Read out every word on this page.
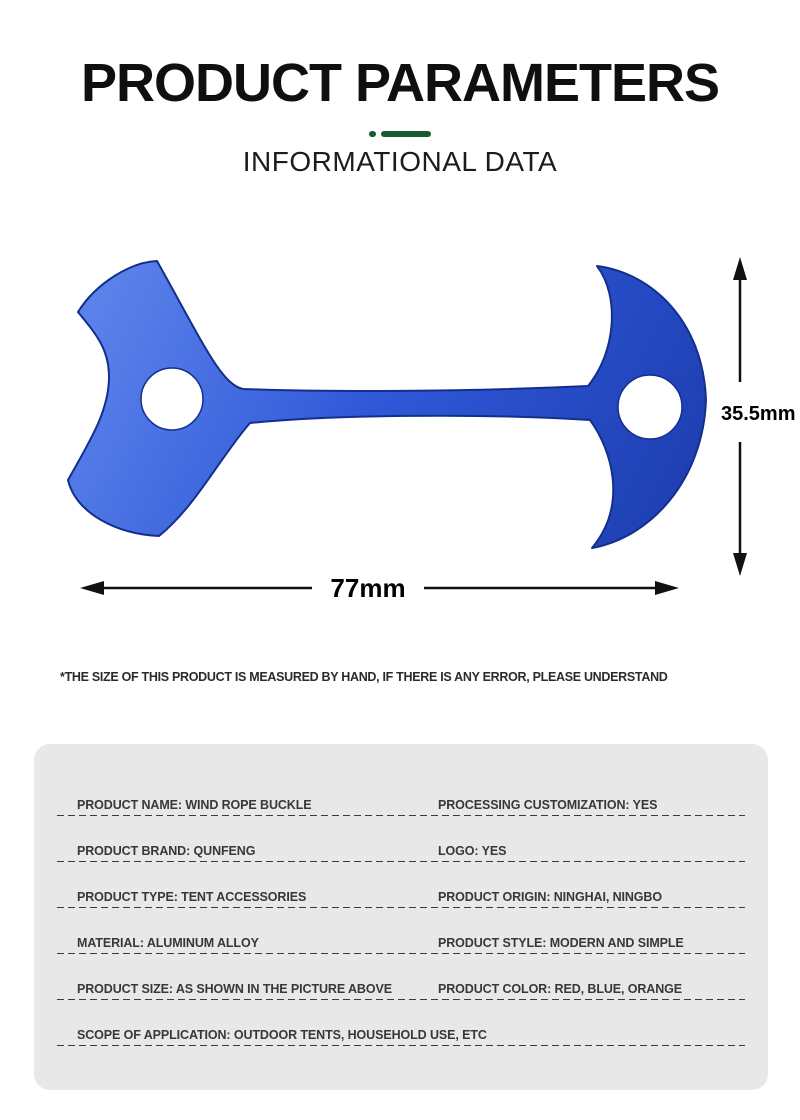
PRODUCT PARAMETERS
INFORMATIONAL DATA
35.5mm
77mm
*THE SIZE OF THIS PRODUCT IS MEASURED BY HAND, IF THERE IS ANY ERROR, PLEASE UNDERSTAND
PRODUCT NAME: WIND ROPE BUCKLE	PROCESSING CUSTOMIZATION: YES
PRODUCT BRAND: QUNFENG	LOGO: YES
PRODUCT TYPE: TENT ACCESSORIES	PRODUCT ORIGIN: NINGHAI, NINGBO
MATERIAL: ALUMINUM ALLOY	PRODUCT STYLE: MODERN AND SIMPLE
PRODUCT SIZE: AS SHOWN IN THE PICTURE ABOVE	PRODUCT COLOR: RED, BLUE, ORANGE
SCOPE OF APPLICATION: OUTDOOR TENTS, HOUSEHOLD USE, ETC
